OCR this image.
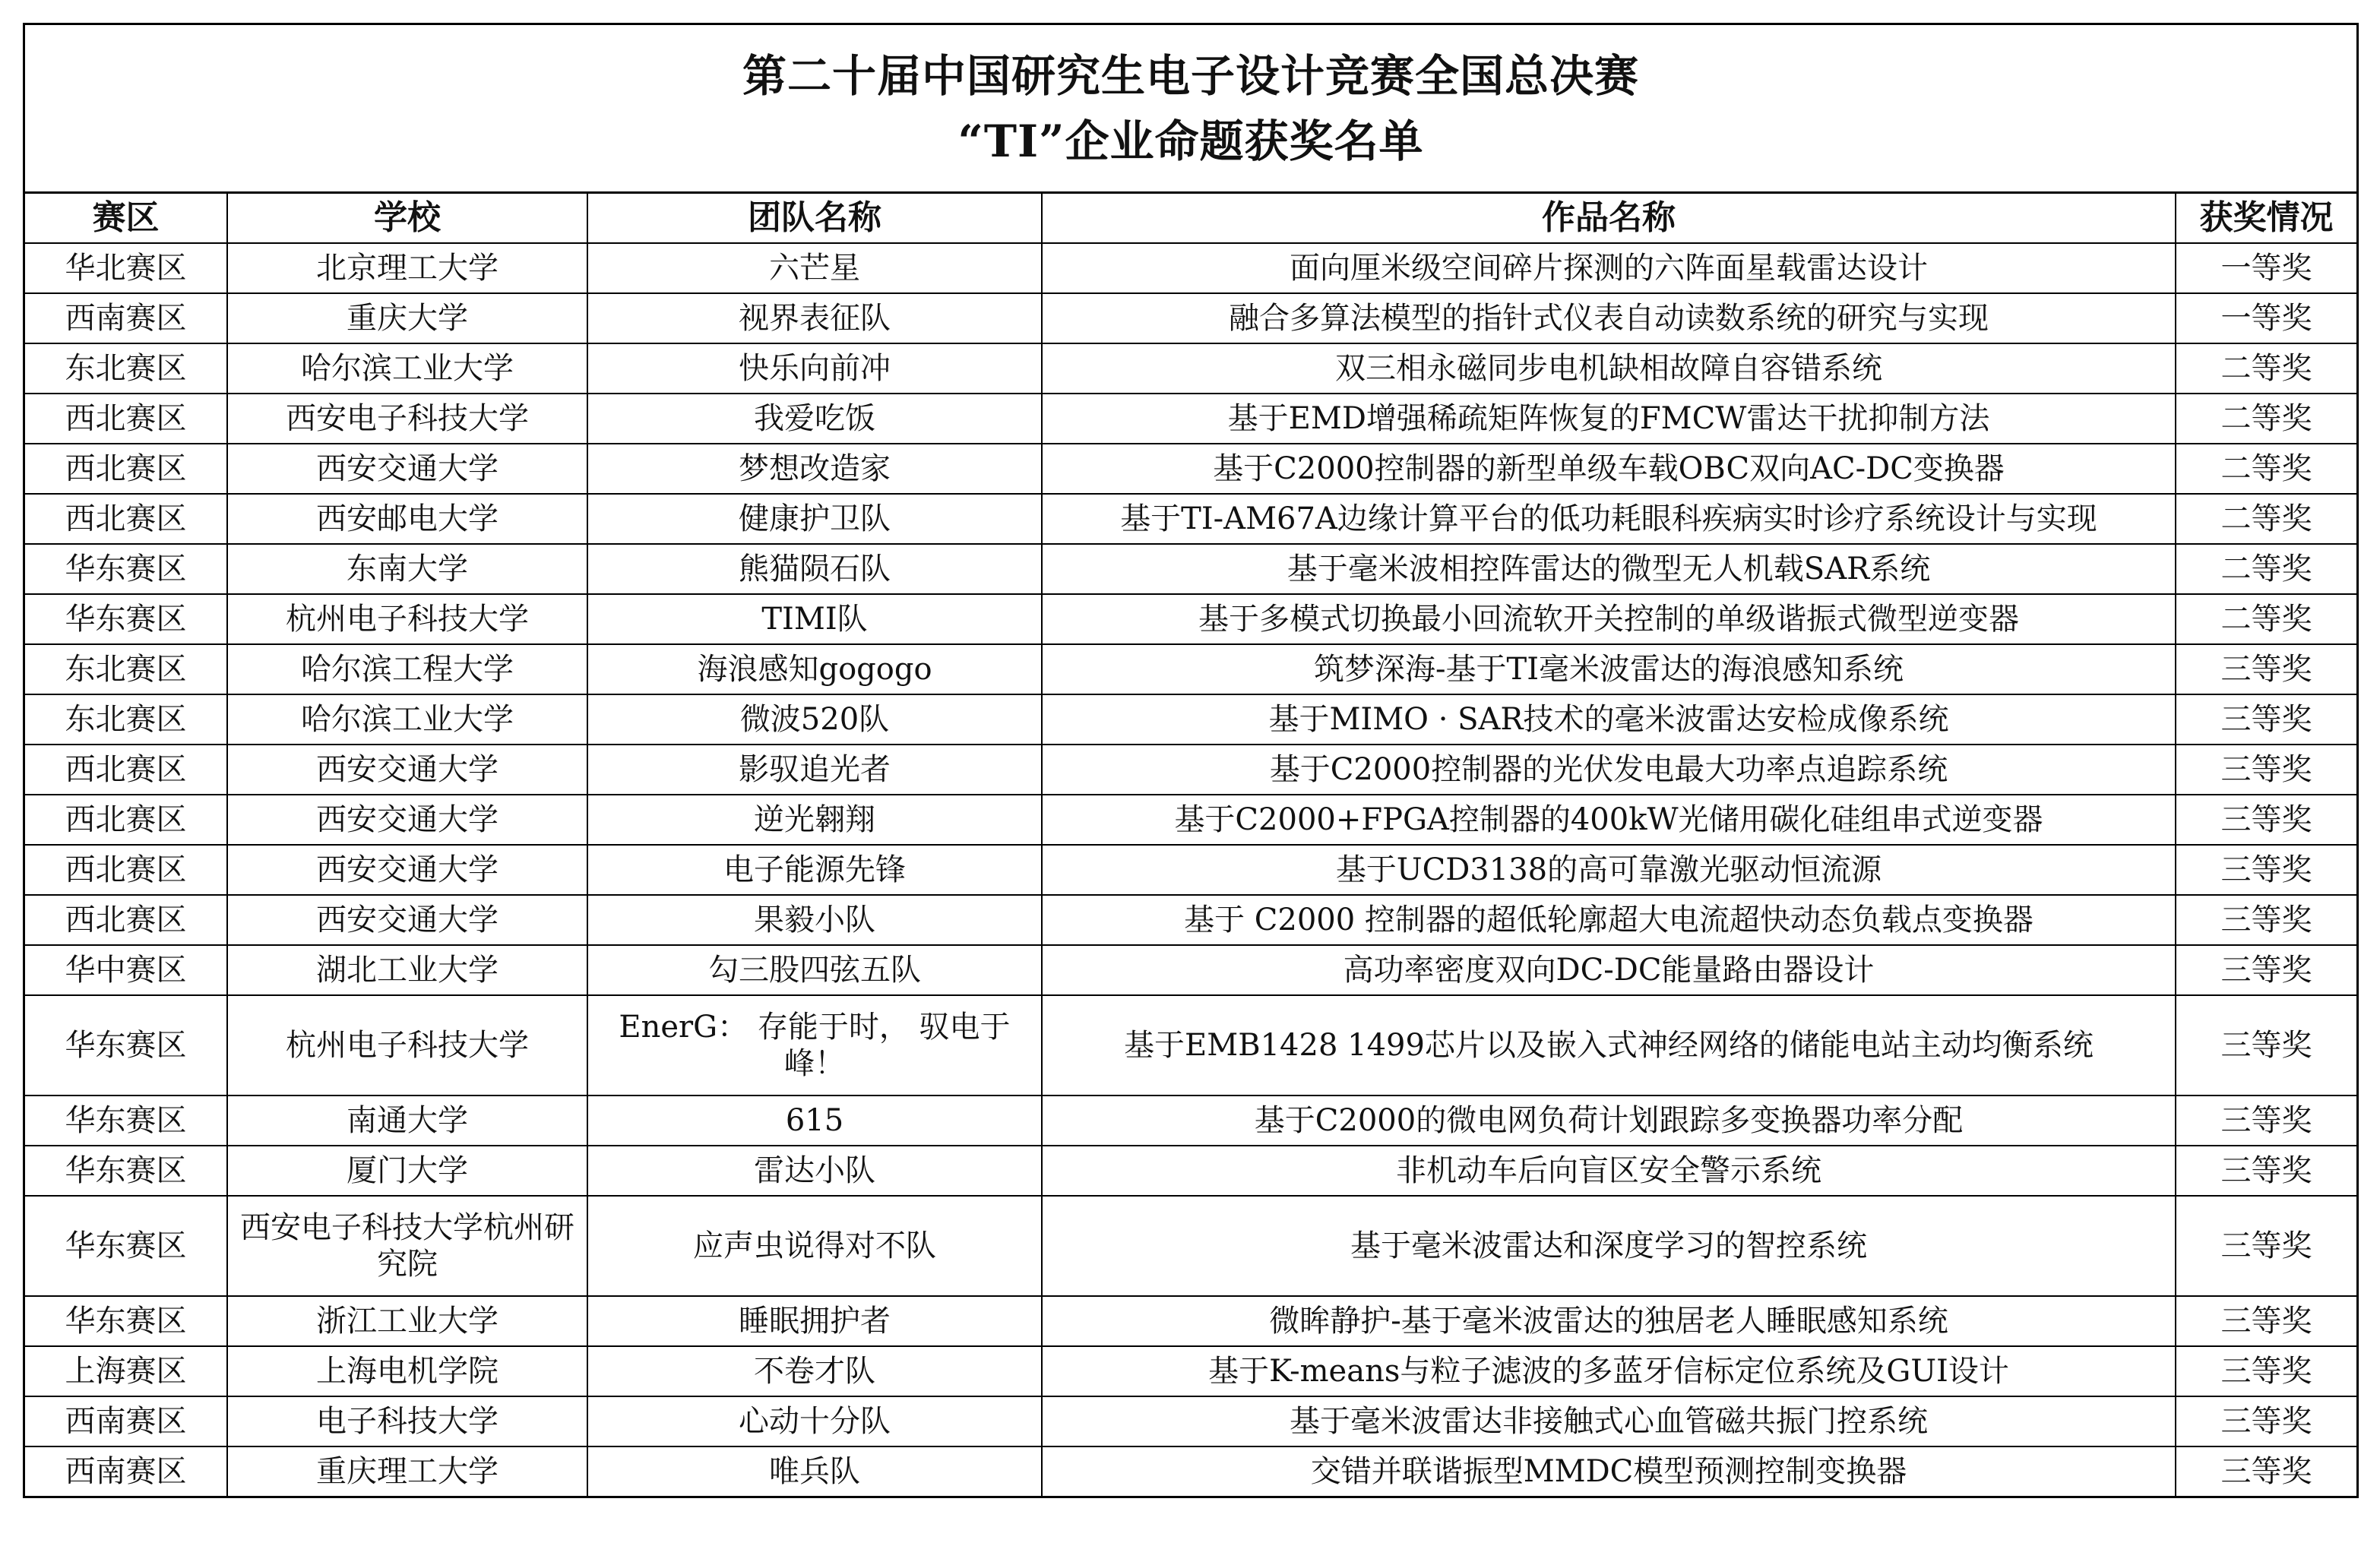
第二十届中国研究生电子设计竞赛全国总决赛
“TI”企业命题获奖名单
赛区	学校	团队名称	作品名称	获奖情况
华北赛区	北京理工大学	六芒星	面向厘米级空间碎片探测的六阵面星载雷达设计	一等奖
西南赛区	重庆大学	视界表征队	融合多算法模型的指针式仪表自动读数系统的研究与实现	一等奖
东北赛区	哈尔滨工业大学	快乐向前冲	双三相永磁同步电机缺相故障自容错系统	二等奖
西北赛区	西安电子科技大学	我爱吃饭	基于EMD增强稀疏矩阵恢复的FMCW雷达干扰抑制方法	二等奖
西北赛区	西安交通大学	梦想改造家	基于C2000控制器的新型单级车载OBC双向AC-DC变换器	二等奖
西北赛区	西安邮电大学	健康护卫队	基于TI-AM67A边缘计算平台的低功耗眼科疾病实时诊疗系统设计与实现	二等奖
华东赛区	东南大学	熊猫陨石队	基于毫米波相控阵雷达的微型无人机载SAR系统	二等奖
华东赛区	杭州电子科技大学	TIMI队	基于多模式切换最小回流软开关控制的单级谐振式微型逆变器	二等奖
东北赛区	哈尔滨工程大学	海浪感知gogogo	筑梦深海-基于TI毫米波雷达的海浪感知系统	三等奖
东北赛区	哈尔滨工业大学	微波520队	基于MIMO · SAR技术的毫米波雷达安检成像系统	三等奖
西北赛区	西安交通大学	影驭追光者	基于C2000控制器的光伏发电最大功率点追踪系统	三等奖
西北赛区	西安交通大学	逆光翱翔	基于C2000+FPGA控制器的400kW光储用碳化硅组串式逆变器	三等奖
西北赛区	西安交通大学	电子能源先锋	基于UCD3138的高可靠激光驱动恒流源	三等奖
西北赛区	西安交通大学	果毅小队	基于 C2000 控制器的超低轮廓超大电流超快动态负载点变换器	三等奖
华中赛区	湖北工业大学	勾三股四弦五队	高功率密度双向DC-DC能量路由器设计	三等奖
华东赛区	杭州电子科技大学	EnerG： 存能于时， 驭电于峰！	基于EMB1428 1499芯片以及嵌入式神经网络的储能电站主动均衡系统	三等奖
华东赛区	南通大学	615	基于C2000的微电网负荷计划跟踪多变换器功率分配	三等奖
华东赛区	厦门大学	雷达小队	非机动车后向盲区安全警示系统	三等奖
华东赛区	西安电子科技大学杭州研究院	应声虫说得对不队	基于毫米波雷达和深度学习的智控系统	三等奖
华东赛区	浙江工业大学	睡眠拥护者	微眸静护-基于毫米波雷达的独居老人睡眠感知系统	三等奖
上海赛区	上海电机学院	不卷才队	基于K-means与粒子滤波的多蓝牙信标定位系统及GUI设计	三等奖
西南赛区	电子科技大学	心动十分队	基于毫米波雷达非接触式心血管磁共振门控系统	三等奖
西南赛区	重庆理工大学	唯兵队	交错并联谐振型MMDC模型预测控制变换器	三等奖
